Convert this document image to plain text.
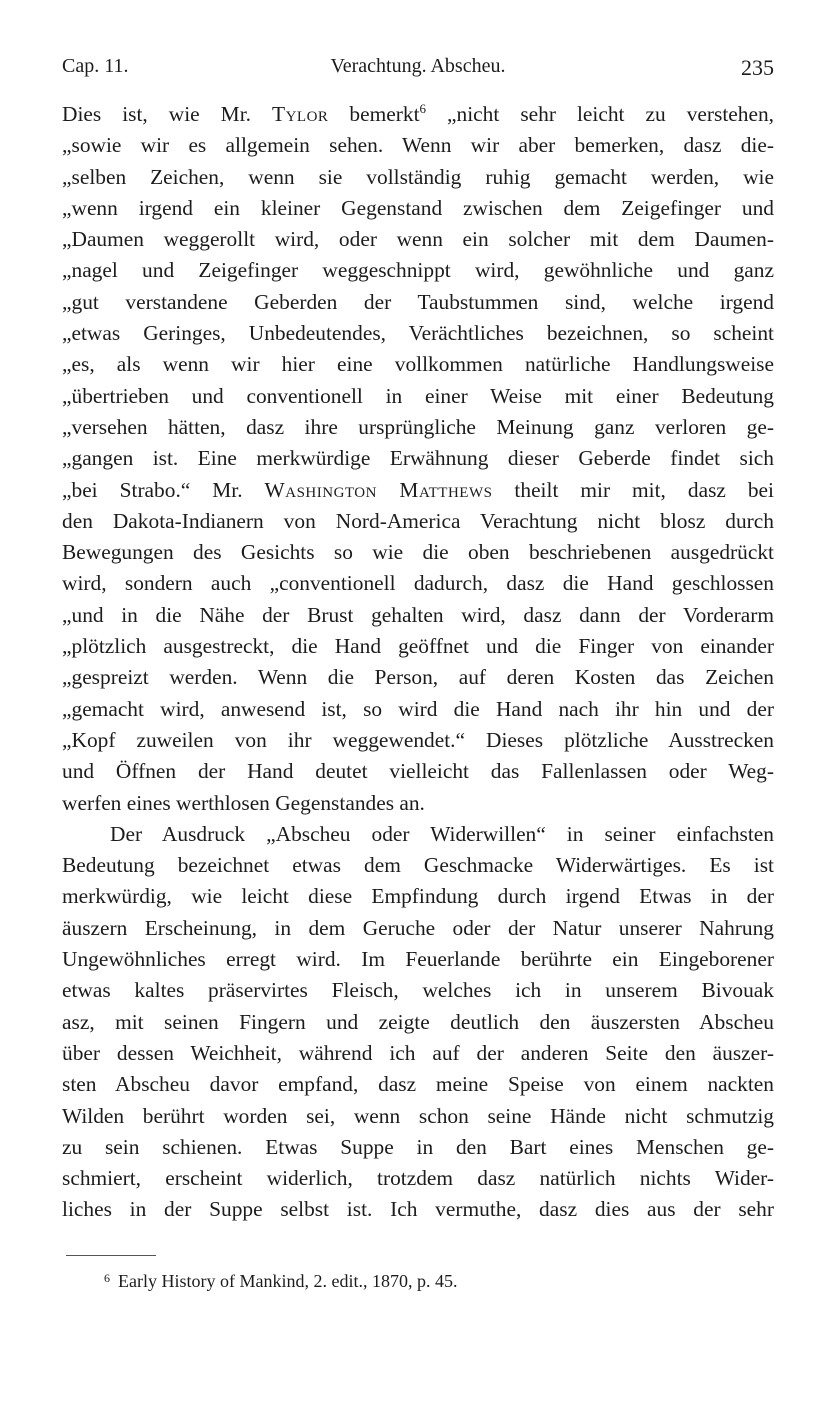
Cap. 11.	Verachtung. Abscheu.	235

Dies ist, wie Mr. Tylor bemerkt$^6$ „nicht sehr leicht zu verstehen,
„sowie wir es allgemein sehen. Wenn wir aber bemerken, dasz die-
„selben Zeichen, wenn sie vollständig ruhig gemacht werden, wie
„wenn irgend ein kleiner Gegenstand zwischen dem Zeigefinger und
„Daumen weggerollt wird, oder wenn ein solcher mit dem Daumen-
„nagel und Zeigefinger weggeschnippt wird, gewöhnliche und ganz
„gut verstandene Geberden der Taubstummen sind, welche irgend
„etwas Geringes, Unbedeutendes, Verächtliches bezeichnen, so scheint
„es, als wenn wir hier eine vollkommen natürliche Handlungsweise
„übertrieben und conventionell in einer Weise mit einer Bedeutung
„versehen hätten, dasz ihre ursprüngliche Meinung ganz verloren ge-
„gangen ist. Eine merkwürdige Erwähnung dieser Geberde findet sich
„bei Strabo.“ Mr. Washington Matthews theilt mir mit, dasz bei
den Dakota-Indianern von Nord-America Verachtung nicht blosz durch
Bewegungen des Gesichts so wie die oben beschriebenen ausgedrückt
wird, sondern auch „conventionell dadurch, dasz die Hand geschlossen
„und in die Nähe der Brust gehalten wird, dasz dann der Vorderarm
„plötzlich ausgestreckt, die Hand geöffnet und die Finger von einander
„gespreizt werden. Wenn die Person, auf deren Kosten das Zeichen
„gemacht wird, anwesend ist, so wird die Hand nach ihr hin und der
„Kopf zuweilen von ihr weggewendet.“ Dieses plötzliche Ausstrecken
und Öffnen der Hand deutet vielleicht das Fallenlassen oder Weg-
werfen eines werthlosen Gegenstandes an.

Der Ausdruck „Abscheu oder Widerwillen“ in seiner einfachsten
Bedeutung bezeichnet etwas dem Geschmacke Widerwärtiges. Es ist
merkwürdig, wie leicht diese Empfindung durch irgend Etwas in der
äuszern Erscheinung, in dem Geruche oder der Natur unserer Nahrung
Ungewöhnliches erregt wird. Im Feuerlande berührte ein Eingeborener
etwas kaltes präservirtes Fleisch, welches ich in unserem Bivouak
asz, mit seinen Fingern und zeigte deutlich den äuszersten Abscheu
über dessen Weichheit, während ich auf der anderen Seite den äuszer-
sten Abscheu davor empfand, dasz meine Speise von einem nackten
Wilden berührt worden sei, wenn schon seine Hände nicht schmutzig
zu sein schienen. Etwas Suppe in den Bart eines Menschen ge-
schmiert, erscheint widerlich, trotzdem dasz natürlich nichts Wider-
liches in der Suppe selbst ist. Ich vermuthe, dasz dies aus der sehr

$^6$ Early History of Mankind, 2. edit., 1870, p. 45.
